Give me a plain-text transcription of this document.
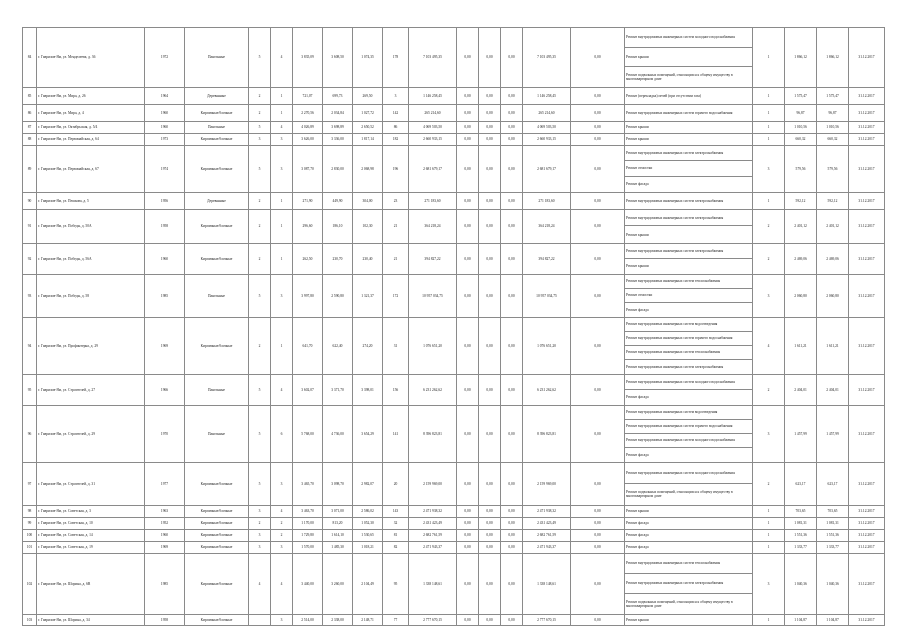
84	г. Гаврилов-Ям, ул. Менделеева, д. 36	1972	Панельные	5	4	3 835,09	3 608,50	1 074,35	178	7 103 495,35	0,00	0,00	0,00	7 103 495,35	0,00	Ремонт внутридомовых инженерных систем холодного водоснабжения
Ремонт крыши
Ремонт подвальных помещений, относящихся к общему имуществу в многоквартирном доме	1	1 866,12	1 866,12	31.12.2017
85	г. Гаврилов-Ям, ул. Мира, д. 26	1964	Деревянные	2	1	721,07	699,73	269,50	3	1 146 258,45	0,00	0,00	0,00	1 146 258,45	0,00	Ремонт (перекладка) печей (при отсутствии газа)	1	1 575,47	1 575,47	31.12.2017
86	г. Гаврилов-Ям, ул. Мира, д. 4	1960	Кирпичные/блочные	2	1	2 270,56	2 034,84	1 027,72	142	265 214,60	0,00	0,00	0,00	265 214,60	0,00	Ремонт внутридомовых инженерных систем горячего водоснабжения	1	96,87	96,87	31.12.2017
87	г. Гаврилов-Ям, ул. Октябрьская, д. 5/4	1960	Панельные	5	4	4 026,89	3 698,89	2 650,52	86	4 069 503,50	0,00	0,00	0,00	4 069 503,50	0,00	Ремонт крыши	1	1 010,56	1 010,56	31.12.2017
88	г. Гаврилов-Ям, ул. Первомайская, д. 64	1973	Кирпичные/блочные	3	3	3 626,00	3 336,00	1 817,14	182	2 660 933,15	0,00	0,00	0,00	2 660 933,15	0,00	Ремонт крыши	1	660,32	660,32	31.12.2017
89	г. Гаврилов-Ям, ул. Первомайская, д. 67	1974	Кирпичные/блочные	5	3	3 087,70	2 830,00	2 068,98	196	2 681 679,17	0,00	0,00	0,00	2 681 679,17	0,00	Ремонт внутридомовых инженерных систем электроснабжения
Ремонт отмостки
Ремонт фасада	3	579,56	579,56	31.12.2017
90	г. Гаврилов-Ям, ул. Пешкова, д. 5	1956	Деревянные	2	1	271,90	449,90	304,00	23	271 183,60	0,00	0,00	0,00	271 183,60	0,00	Ремонт внутридомовых инженерных систем электроснабжения	1	592,12	592,12	31.12.2017
91	г. Гаврилов-Ям, ул. Победы, д. 50А	1958	Кирпичные/блочные	2	1	296,60	186,10	102,30	21	364 218,24	0,00	0,00	0,00	364 218,24	0,00	Ремонт внутридомовых инженерных систем электроснабжения
Ремонт крыши	2	2 401,12	2 401,12	31.12.2017
92	г. Гаврилов-Ям, ул. Победы, д. 56А	1960	Кирпичные/блочные	2	1	262,50	230,70	230,40	21	394 827,22	0,00	0,00	0,00	394 827,22	0,00	Ремонт внутридомовых инженерных систем электроснабжения
Ремонт крыши	2	2 469,06	2 469,06	31.12.2017
93	г. Гаврилов-Ям, ул. Победы, д. 58	1985	Панельные	5	3	3 997,80	2 590,80	1 321,37	172	10 957 034,75	0,00	0,00	0,00	10 957 034,75	0,00	Ремонт внутридомовых инженерных систем теплоснабжения
Ремонт отмостки
Ремонт фасада	3	2 060,80	2 060,80	31.12.2017
94	г. Гаврилов-Ям, ул. Профинтерна, д. 29	1969	Кирпичные/блочные	2	1	641,70	622,40	274,20	31	1 076 651,20	0,00	0,00	0,00	1 076 651,20	0,00	Ремонт внутридомовых инженерных систем водоотведения
Ремонт внутридомовых инженерных систем горячего водоснабжения
Ремонт внутридомовых инженерных систем теплоснабжения
Ремонт внутридомовых инженерных систем электроснабжения	4	1 611,21	1 611,21	31.12.2017
95	г. Гаврилов-Ям, ул. Строителей, д. 27	1966	Панельные	5	4	3 602,07	3 371,70	3 398,01	156	6 231 262,62	0,00	0,00	0,00	6 231 262,62	0,00	Ремонт внутридомовых инженерных систем холодного водоснабжения
Ремонт фасада	2	2 404,01	2 404,01	31.12.2017
96	г. Гаврилов-Ям, ул. Строителей, д. 29	1970	Панельные	5	6	5 768,00	4 736,00	3 654,29	141	8 396 823,81	0,00	0,00	0,00	8 396 823,81	0,00	Ремонт внутридомовых инженерных систем водоотведения
Ремонт внутридомовых инженерных систем горячего водоснабжения
Ремонт внутридомовых инженерных систем холодного водоснабжения
Ремонт фасада	3	1 457,99	1 457,99	31.12.2017
97	г. Гаврилов-Ям, ул. Строителей, д. 31	1977	Кирпичные/блочные	5	3	3 465,70	3 098,70	2 982,07	20	2 159 969,00	0,00	0,00	0,00	2 159 969,00	0,00	Ремонт внутридомовых инженерных систем холодного водоснабжения
Ремонт подвальных помещений, относящихся к общему имуществу в многоквартирном доме	2	623,17	623,17	31.12.2017
98	г. Гаврилов-Ям, ул. Советская, д. 3	1963	Кирпичные/блочные	3	4	3 463,70	3 071,00	2 586,02	143	2 471 938,32	0,00	0,00	0,00	2 471 938,32	0,00	Ремонт крыши	1	703,65	703,65	31.12.2017
99	г. Гаврилов-Ям, ул. Советская, д. 10	1952	Кирпичные/блочные	2	2	1 170,00	813,20	1 052,30	32	2 431 423,49	0,00	0,00	0,00	2 431 423,49	0,00	Ремонт фасада	1	1 081,31	1 081,31	31.12.2017
100	г. Гаврилов-Ям, ул. Советская, д. 14	1960	Кирпичные/блочные	3	2	1 729,80	1 614,10	1 530,65	81	2 682 761,59	0,00	0,00	0,00	2 682 761,59	0,00	Ремонт фасада	1	1 551,36	1 551,36	31.12.2017
101	г. Гаврилов-Ям, ул. Советская, д. 19	1969	Кирпичные/блочные	3	3	1 570,00	1 485,30	1 018,21	82	2 471 943,37	0,00	0,00	0,00	2 471 943,37	0,00	Ремонт фасада	1	1 333,77	1 333,77	31.12.2017
102	г. Гаврилов-Ям, ул. Шорина, д. 6В	1985	Кирпичные/блочные	4	4	3 440,00	3 260,00	2 104,49	95	1 338 148,61	0,00	0,00	0,00	1 338 148,61	0,00	Ремонт внутридомовых инженерных систем теплоснабжения
Ремонт внутридомовых инженерных систем электроснабжения
Ремонт подвальных помещений, относящихся к общему имуществу в многоквартирном доме	3	1 040,36	1 040,36	31.12.2017
103	г. Гаврилов-Ям, ул. Шорина, д. 34	1958	Кирпичные/блочные		3	2 514,00	2 338,00	2 148,71	77	2 777 670,15	0,00	0,00	0,00	2 777 670,15	0,00	Ремонт крыши	1	1 104,87	1 104,87	31.12.2017
